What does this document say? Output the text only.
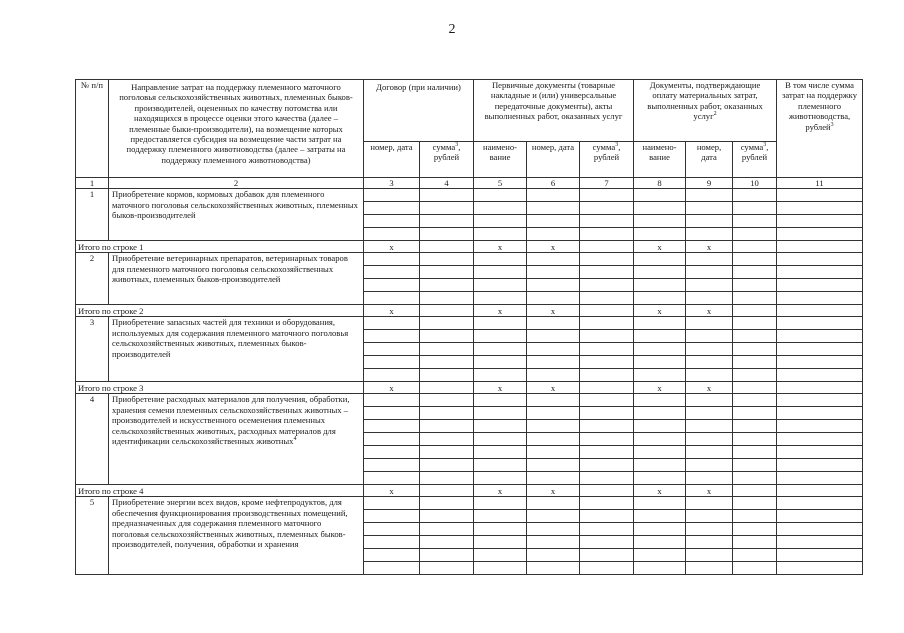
2
№ п/п	Направление затрат на поддержку племенного маточного поголовья сельскохозяйственных животных, племенных быков-производителей, оцененных по качеству потомства или находящихся в процессе оценки этого качества (далее – племенные быки-производители), на возмещение которых предоставляется субсидия на возмещение части затрат на поддержку племенного животноводства (далее – затраты на поддержку племенного животноводства)	Договор (при наличии)		Первичные документы (товарные накладные и (или) универсальные передаточные документы), акты выполненных работ, оказанных услуг			Документы, подтверждающие оплату материальных затрат, выполненных работ, оказанных услуг$^2$			В том числе сумма затрат на поддержку племенного животноводства, рублей$^3$
		номер, дата	сумма$^3$, рублей	наимено-вание	номер, дата	сумма$^3$, рублей	наимено-вание	номер, дата	сумма$^3$, рублей	
1	2	3	4	5	6	7	8	9	10	11
1	Приобретение кормов, кормовых добавок для племенного маточного поголовья сельскохозяйственных животных, племенных быков-производителей									

Итого по строке 1		x		x	x		x	x		
2	Приобретение ветеринарных препаратов, ветеринарных товаров для племенного маточного поголовья сельскохозяйственных животных, племенных быков-производителей									

Итого по строке 2		x		x	x		x	x		
3	Приобретение запасных частей для техники и оборудования, используемых для содержания племенного маточного поголовья сельскохозяйственных животных, племенных быков-производителей									

Итого по строке 3		x		x	x		x	x		
4	Приобретение расходных материалов для получения, обработки, хранения семени племенных сельскохозяйственных животных – производителей и искусственного осеменения племенных сельскохозяйственных животных, расходных материалов для идентификации сельскохозяйственных животных$^4$									

Итого по строке 4		x		x	x		x	x		
5	Приобретение энергии всех видов, кроме нефтепродуктов, для обеспечения функционирования производственных помещений, предназначенных для содержания племенного маточного поголовья сельскохозяйственных животных, племенных быков-производителей, получения, обработки и хранения									
